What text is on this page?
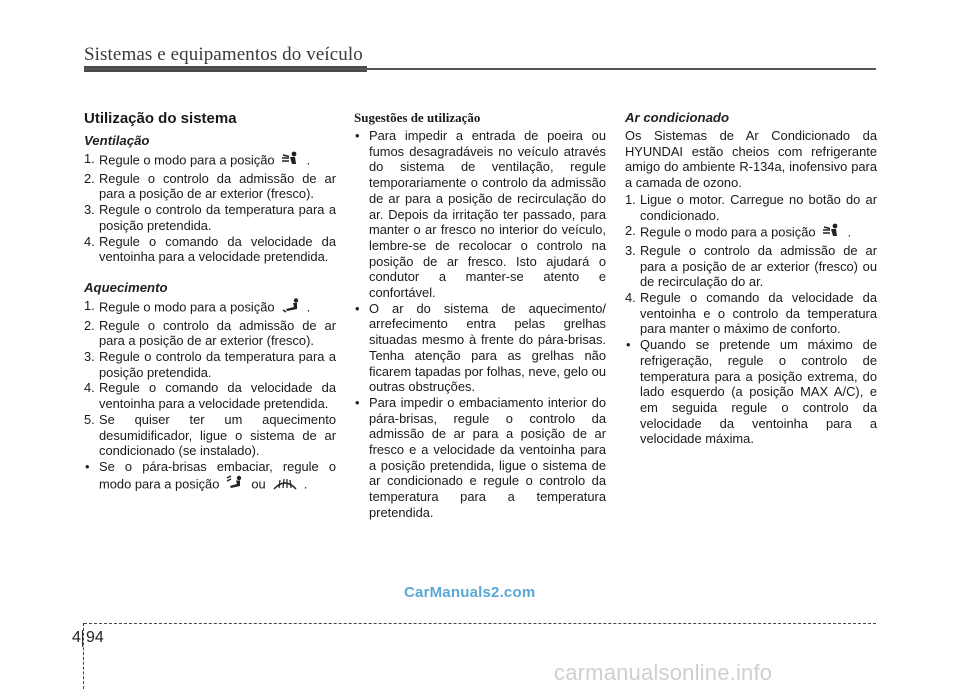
Sistemas e equipamentos do veículo
Utilização do sistema
Ventilação

1. Regule o modo para a posição .

2. Regule o controlo da admissão de ar para a posição de ar exterior (fresco).

3. Regule o controlo da temperatura para a posição pretendida.

4. Regule o comando da velocidade da ventoinha para a velocidade pretendida.

Aquecimento

1. Regule o modo para a posição .

2. Regule o controlo da admissão de ar para a posição de ar exterior (fresco).

3. Regule o controlo da temperatura para a posição pretendida.

4. Regule o comando da velocidade da ventoinha para a velocidade pretendida.

5. Se quiser ter um aquecimento desumidificador, ligue o sistema de ar condicionado (se instalado).

• Se o pára-brisas embaciar, regule o modo para a posição ou	.

Sugestões de utilização

• Para impedir a entrada de poeira ou fumos desagradáveis no veículo através do sistema de ventilação, regule temporariamente o controlo da admissão de ar para a posição de recirculação do ar. Depois da irritação ter passado, para manter o ar fresco no interior do veículo, lembre-se de recolocar o controlo na posição de ar fresco. Isto ajudará o condutor a manter-se atento e confortável.

• O ar do sistema de aquecimento/ arrefecimento entra pelas grelhas situadas mesmo à frente do pára-brisas. Tenha atenção para as grelhas não ficarem tapadas por folhas, neve, gelo ou outras obstruções.

• Para impedir o embaciamento interior do pára-brisas, regule o controlo da admissão de ar para a posição de ar fresco e a velocidade da ventoinha para a posição pretendida, ligue o sistema de ar condicionado e regule o controlo da temperatura para a temperatura pretendida.

Ar condicionado

Os Sistemas de Ar Condicionado da HYUNDAI estão cheios com refrigerante amigo do ambiente R-134a, inofensivo para a camada de ozono.

1. Ligue o motor. Carregue no botão do ar condicionado.

2. Regule o modo para a posição .

3. Regule o controlo da admissão de ar para a posição de ar exterior (fresco) ou de recirculação do ar.

4. Regule o comando da velocidade da ventoinha e o controlo da temperatura para manter o máximo de conforto.

• Quando se pretende um máximo de refrigeração, regule o controlo de temperatura para a posição extrema, do lado esquerdo (a posição MAX A/C), e em seguida regule o controlo da velocidade da ventoinha para a velocidade máxima.

CarManuals2.com
4 94
carmanualsonline.info
